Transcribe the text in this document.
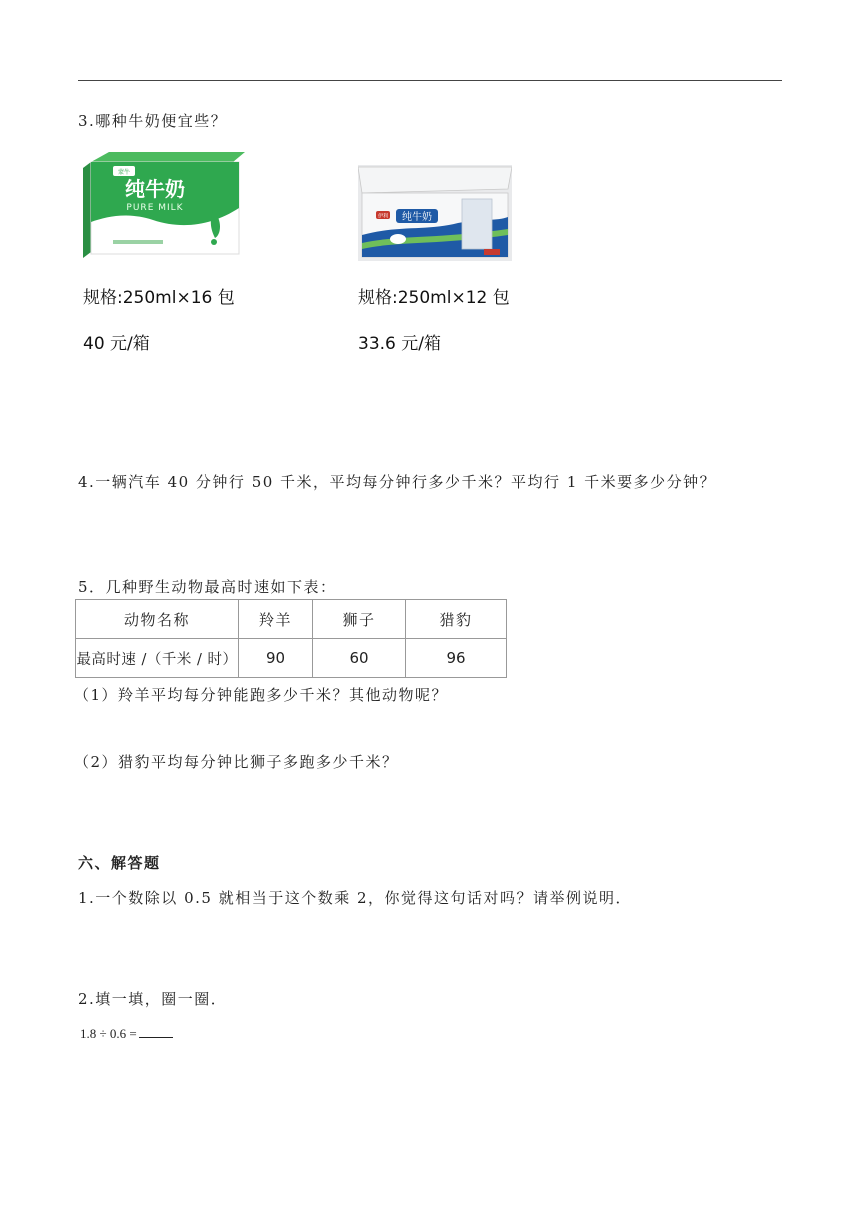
3.哪种牛奶便宜些？
蒙牛
纯牛奶
PURE MILK
伊利 纯牛奶
规格:250ml×16 包
40 元/箱
规格:250ml×12 包
33.6 元/箱
4.一辆汽车 40 分钟行 50 千米，平均每分钟行多少千米？平均行 1 千米要多少分钟？
5．几种野生动物最高时速如下表：
动物名称	羚羊	狮子	猎豹
最高时速 /（千米 / 时）	90	60	96
（1）羚羊平均每分钟能跑多少千米？其他动物呢？
（2）猎豹平均每分钟比狮子多跑多少千米？
六、解答题
1.一个数除以 0.5 就相当于这个数乘 2，你觉得这句话对吗？请举例说明．
2.填一填，圈一圈．
1.8 ÷ 0.6 =
